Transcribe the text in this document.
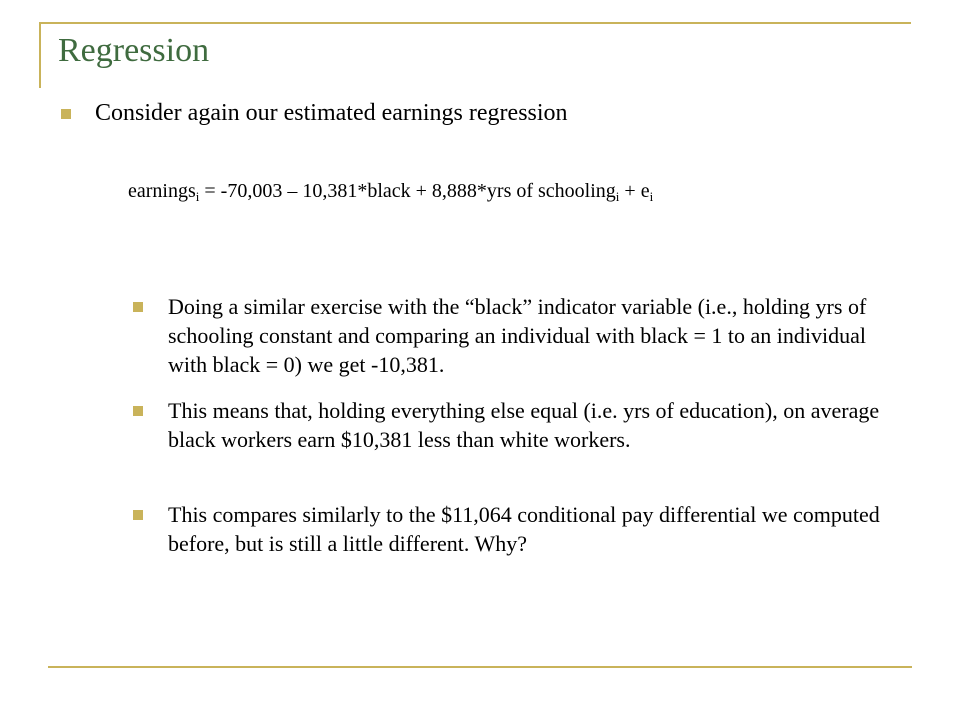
Regression
Consider again our estimated earnings regression
earnings$_i$ = -70,003 – 10,381*black + 8,888*yrs of schooling$_i$ + $e_i$
Doing a similar exercise with the “black” indicator variable (i.e., holding yrs of schooling constant and comparing an individual with black = 1 to an individual with black = 0) we get -10,381.
This means that, holding everything else equal (i.e. yrs of education), on average black workers earn $10,381 less than white workers.
This compares similarly to the $11,064 conditional pay differential we computed before, but is still a little different. Why?
